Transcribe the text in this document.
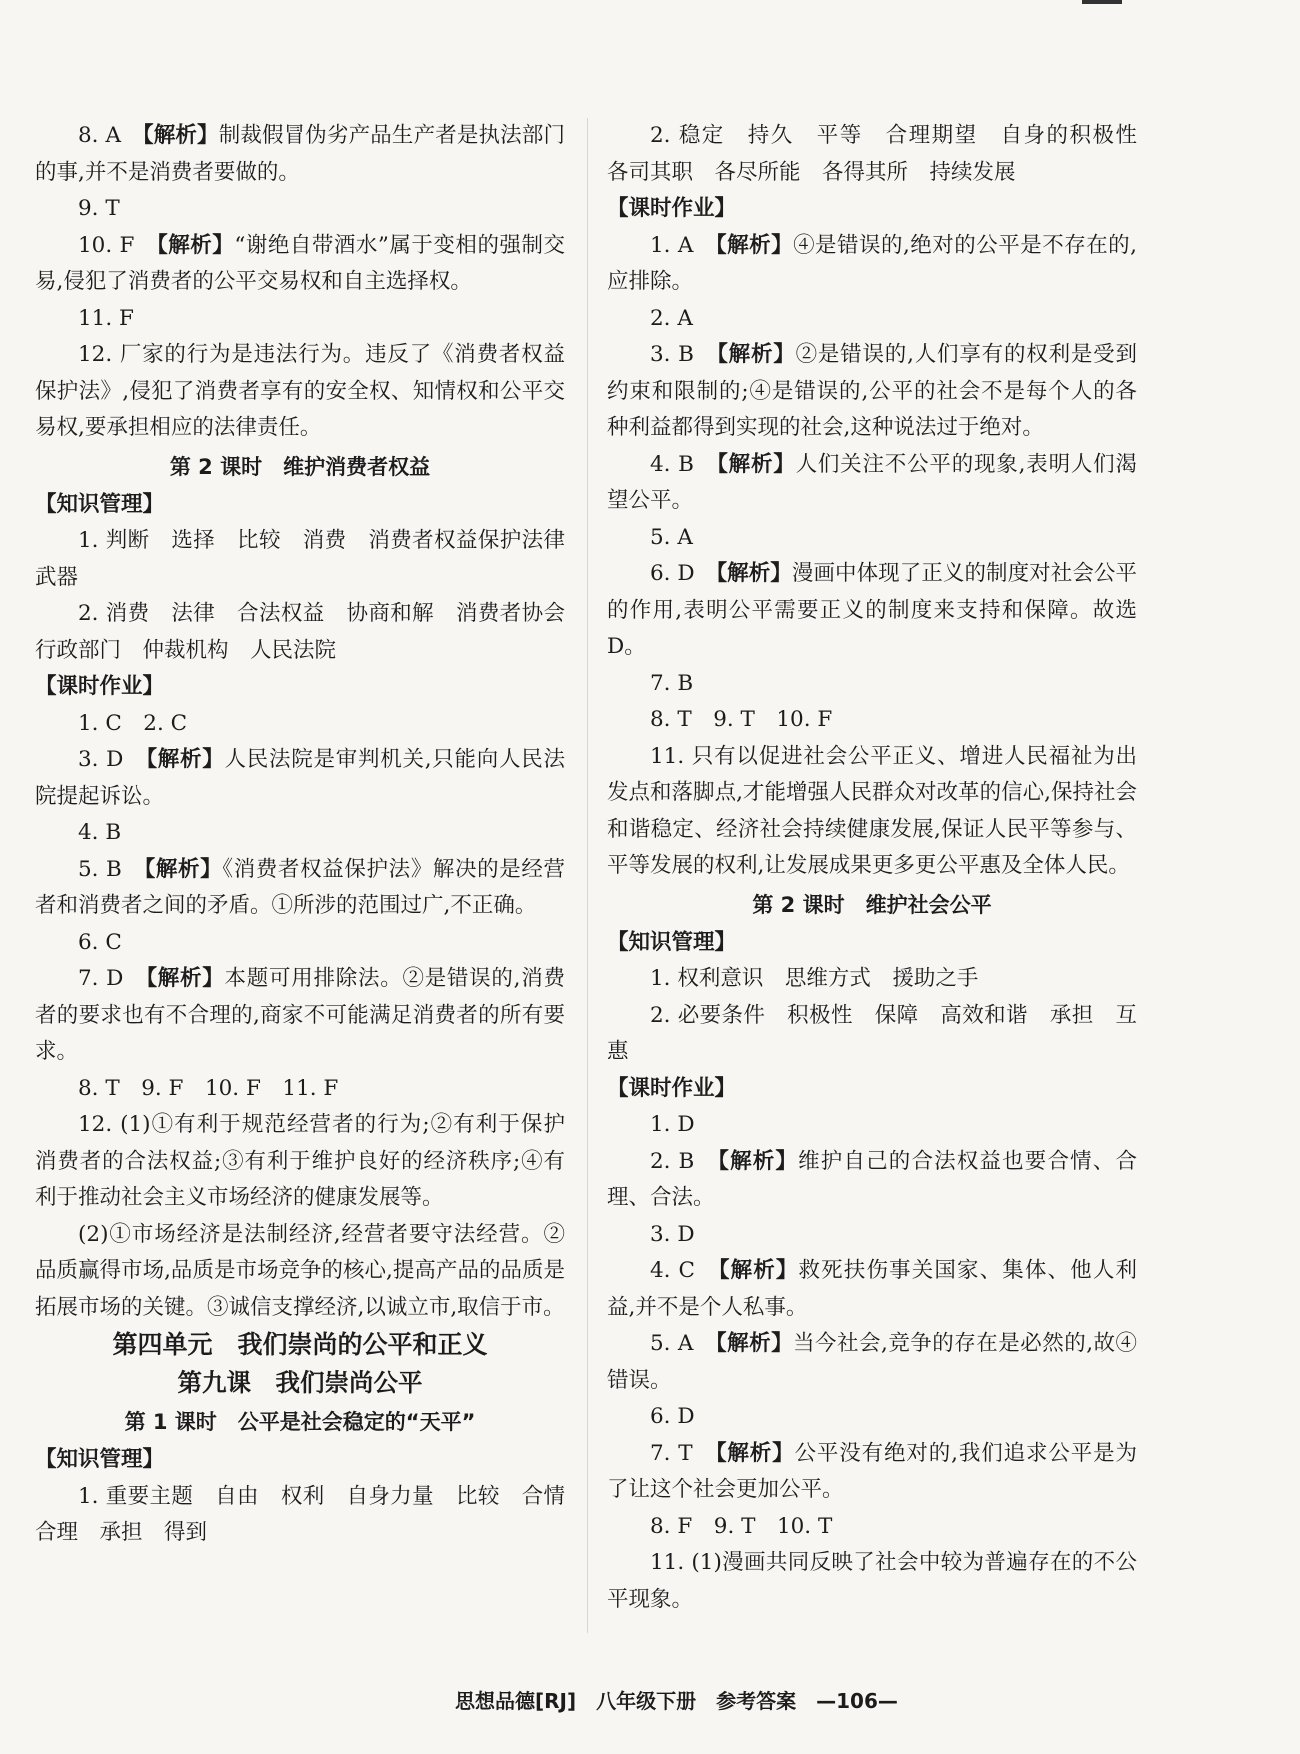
8. A　 【解析】制裁假冒伪劣产品生产者是执法部门的事,并不是消费者要做的。

9. T

10. F　 【解析】“谢绝自带酒水”属于变相的强制交易,侵犯了消费者的公平交易权和自主选择权。

11. F

12. 厂家的行为是违法行为。违反了《消费者权益保护法》,侵犯了消费者享有的安全权、知情权和公平交易权,要承担相应的法律责任。

第 2 课时　维护消费者权益

【知识管理】

1. 判断　选择　比较　消费　消费者权益保护法律武器

2. 消费　法律　合法权益　协商和解　消费者协会　行政部门　仲裁机构　人民法院

【课时作业】

1. C　2. C

3. D　 【解析】人民法院是审判机关,只能向人民法院提起诉讼。

4. B

5. B　 【解析】《消费者权益保护法》解决的是经营者和消费者之间的矛盾。①所涉的范围过广,不正确。

6. C

7. D　 【解析】本题可用排除法。②是错误的,消费者的要求也有不合理的,商家不可能满足消费者的所有要求。

8. T　9. F　10. F　11. F

12. (1)①有利于规范经营者的行为;②有利于保护消费者的合法权益;③有利于维护良好的经济秩序;④有利于推动社会主义市场经济的健康发展等。

(2)①市场经济是法制经济,经营者要守法经营。②品质赢得市场,品质是市场竞争的核心,提高产品的品质是拓展市场的关键。③诚信支撑经济,以诚立市,取信于市。

第四单元　我们崇尚的公平和正义

第九课　我们崇尚公平

第 1 课时　公平是社会稳定的“天平”

【知识管理】

1. 重要主题　自由　权利　自身力量　比较　合情合理　承担　得到

2. 稳定　持久　平等　合理期望　自身的积极性　各司其职　各尽所能　各得其所　持续发展

【课时作业】

1. A　 【解析】④是错误的,绝对的公平是不存在的,应排除。

2. A

3. B　 【解析】②是错误的,人们享有的权利是受到约束和限制的;④是错误的,公平的社会不是每个人的各种利益都得到实现的社会,这种说法过于绝对。

4. B　 【解析】人们关注不公平的现象,表明人们渴望公平。

5. A

6. D　 【解析】漫画中体现了正义的制度对社会公平的作用,表明公平需要正义的制度来支持和保障。故选 D。

7. B

8. T　9. T　10. F

11. 只有以促进社会公平正义、增进人民福祉为出发点和落脚点,才能增强人民群众对改革的信心,保持社会和谐稳定、经济社会持续健康发展,保证人民平等参与、平等发展的权利,让发展成果更多更公平惠及全体人民。

第 2 课时　维护社会公平

【知识管理】

1. 权利意识　思维方式　援助之手

2. 必要条件　积极性　保障　高效和谐　承担　互惠

【课时作业】

1. D

2. B　 【解析】维护自己的合法权益也要合情、合理、合法。

3. D

4. C　 【解析】救死扶伤事关国家、集体、他人利益,并不是个人私事。

5. A　 【解析】当今社会,竞争的存在是必然的,故④错误。

6. D

7. T　 【解析】公平没有绝对的,我们追求公平是为了让这个社会更加公平。

8. F　9. T　10. T

11. (1)漫画共同反映了社会中较为普遍存在的不公平现象。

思想品德[RJ]　 八年级下册　 参考答案　 —106—
